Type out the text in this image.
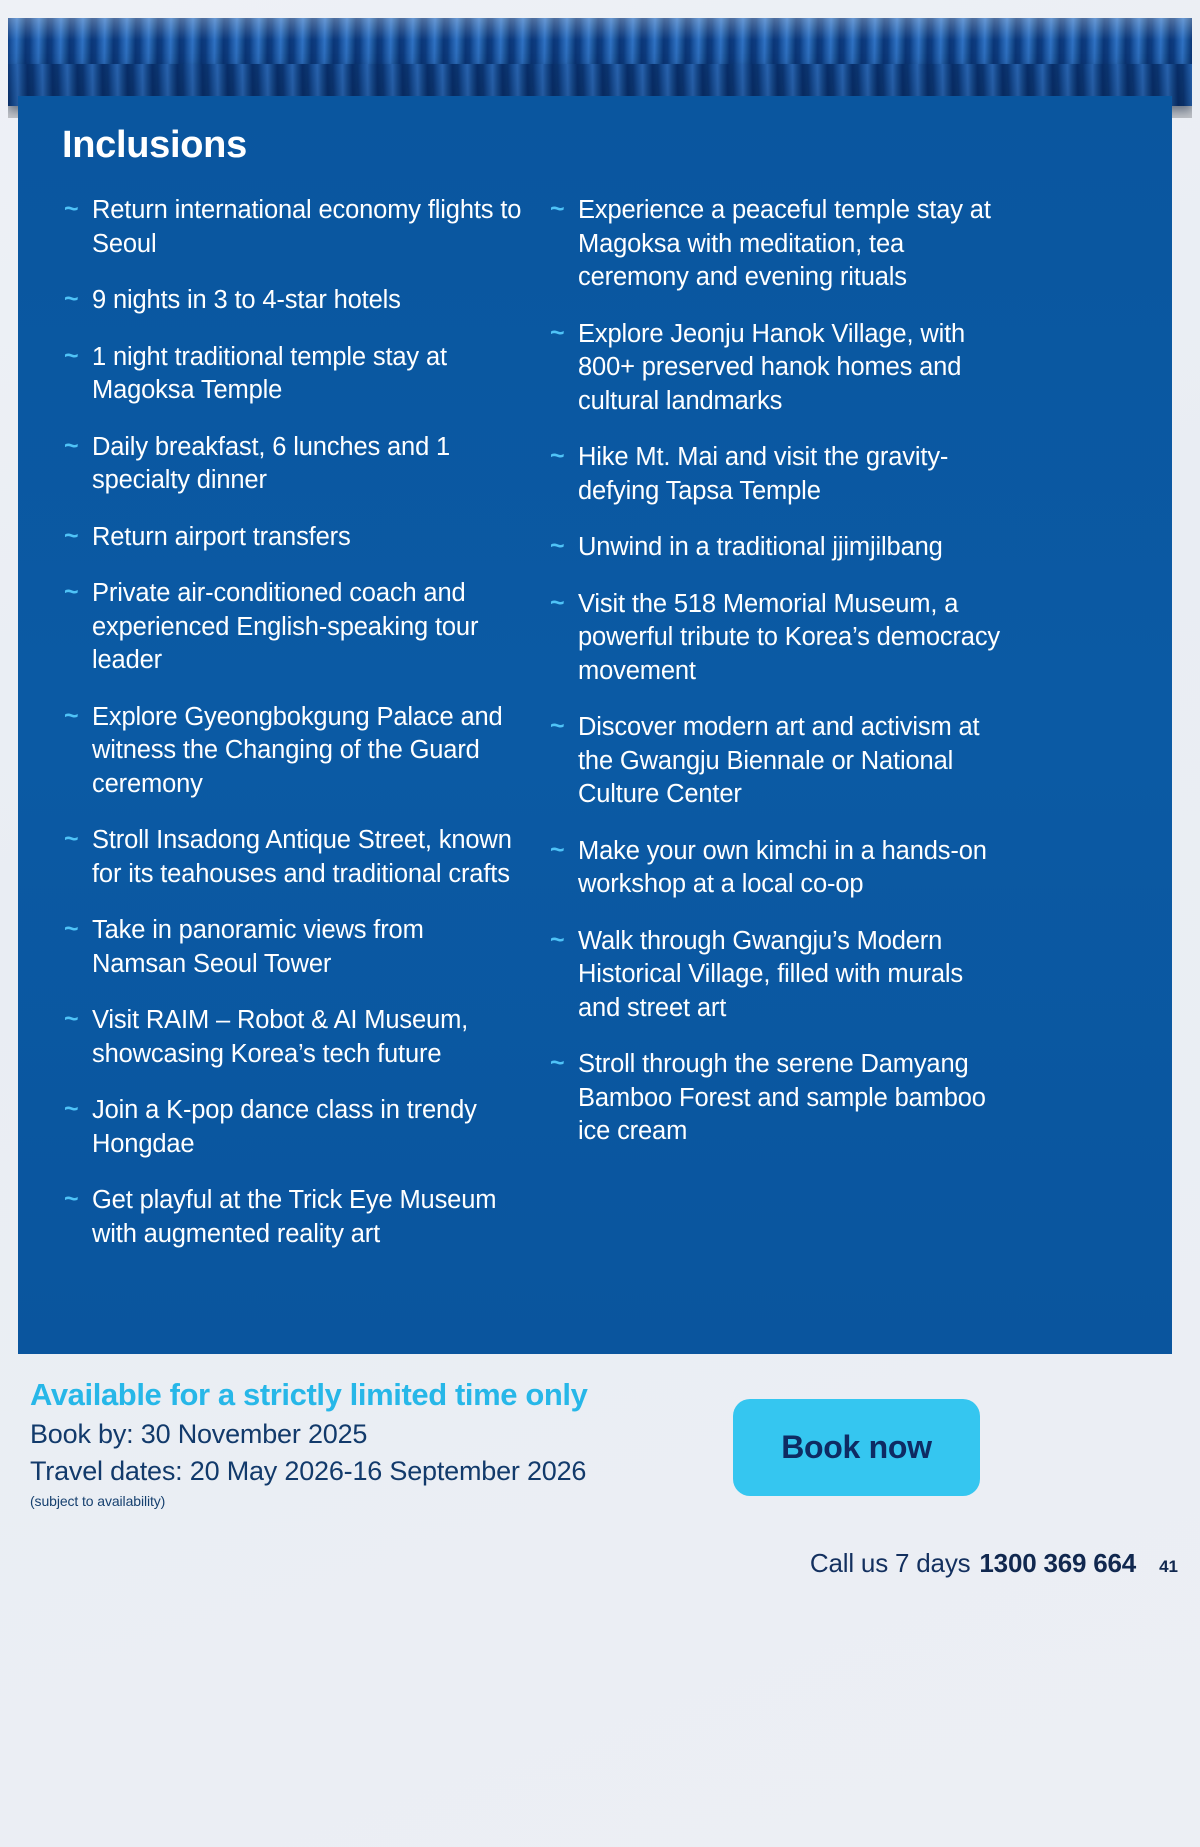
Inclusions
~ Return international economy flights to Seoul
~ 9 nights in 3 to 4-star hotels
~ 1 night traditional temple stay at Magoksa Temple
~ Daily breakfast, 6 lunches and 1 specialty dinner
~ Return airport transfers
~ Private air-conditioned coach and experienced English-speaking tour leader
~ Explore Gyeongbokgung Palace and witness the Changing of the Guard ceremony
~ Stroll Insadong Antique Street, known for its teahouses and traditional crafts
~ Take in panoramic views from Namsan Seoul Tower
~ Visit RAIM – Robot & AI Museum, showcasing Korea’s tech future
~ Join a K-pop dance class in trendy Hongdae
~ Get playful at the Trick Eye Museum with augmented reality art
~ Experience a peaceful temple stay at Magoksa with meditation, tea ceremony and evening rituals
~ Explore Jeonju Hanok Village, with 800+ preserved hanok homes and cultural landmarks
~ Hike Mt. Mai and visit the gravity-defying Tapsa Temple
~ Unwind in a traditional jjimjilbang
~ Visit the 518 Memorial Museum, a powerful tribute to Korea’s democracy movement
~ Discover modern art and activism at the Gwangju Biennale or National Culture Center
~ Make your own kimchi in a hands-on workshop at a local co-op
~ Walk through Gwangju’s Modern Historical Village, filled with murals and street art
~ Stroll through the serene Damyang Bamboo Forest and sample bamboo ice cream
Available for a strictly limited time only
Book by: 30 November 2025
Travel dates: 20 May 2026-16 September 2026
(subject to availability)
Book now
Call us 7 days 1300 369 664 41
